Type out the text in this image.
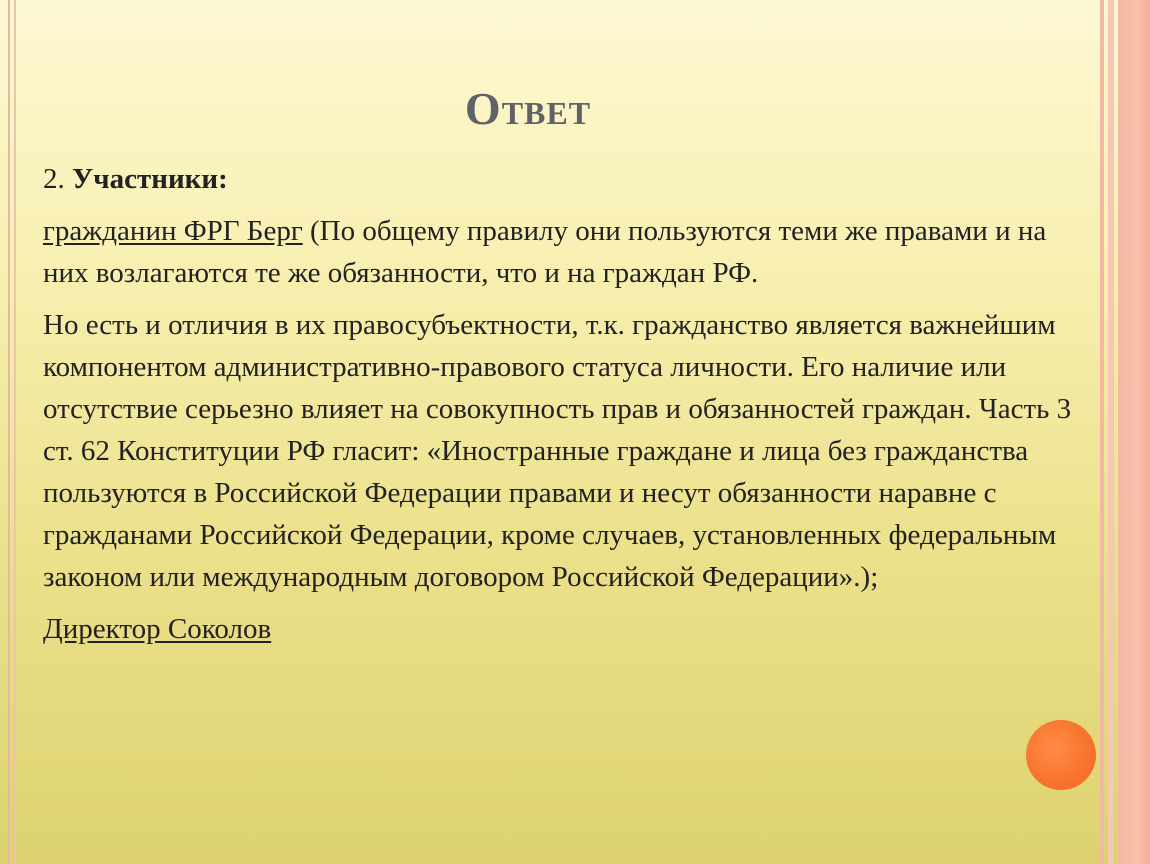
Ответ

2. Участники:

гражданин ФРГ Берг (По общему правилу они пользуются теми же правами и на них возлагаются те же обязанности, что и на граждан РФ.

Но есть и отличия в их правосубъектности, т.к. гражданство является важнейшим компонентом административно-правового статуса личности. Его наличие или отсутствие серьезно влияет на совокупность прав и обязанностей граждан. Часть 3 ст. 62 Конституции РФ гласит: «Иностранные граждане и лица без гражданства пользуются в Российской Федерации правами и несут обязанности наравне с гражданами Российской Федерации, кроме случаев, установленных федеральным законом или международным договором Российской Федерации».);

Директор Соколов
